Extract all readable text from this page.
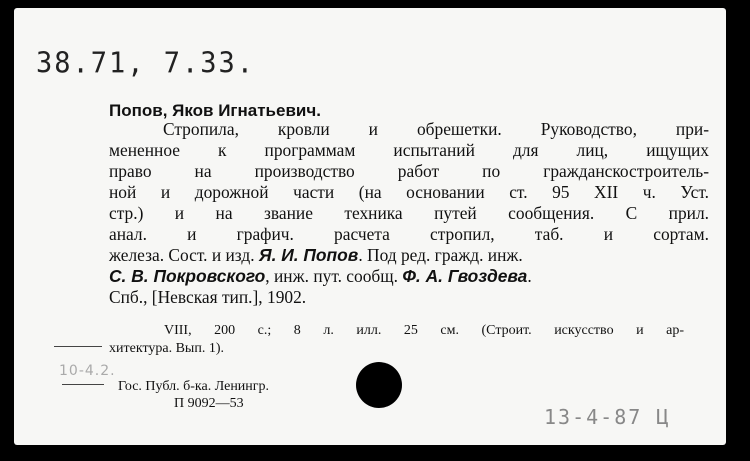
38.71, 7.33.
Попов, Яков Игнатьевич.
Стропила, кровли и обрешетки. Руководство, при-
мененное к программам испытаний для лиц, ищущих
право на производство работ по гражданскостроитель-
ной и дорожной части (на основании ст. 95 XII ч. Уст.
стр.) и на звание техника путей сообщения. С прил.
анал. и графич. расчета стропил, таб. и сортам.
железа. Сост. и изд. Я. И. Попов. Под ред. гражд. инж.
С. В. Покровского, инж. пут. сообщ. Ф. А. Гвоздева.
Спб., [Невская тип.], 1902.
VIII, 200 с.; 8 л. илл. 25 см. (Строит. искусство и ар-
хитектура. Вып. 1).
Гос. Публ. б-ка. Ленингр.
П 9092—53
10-4.2.
13-4-87 Ц
